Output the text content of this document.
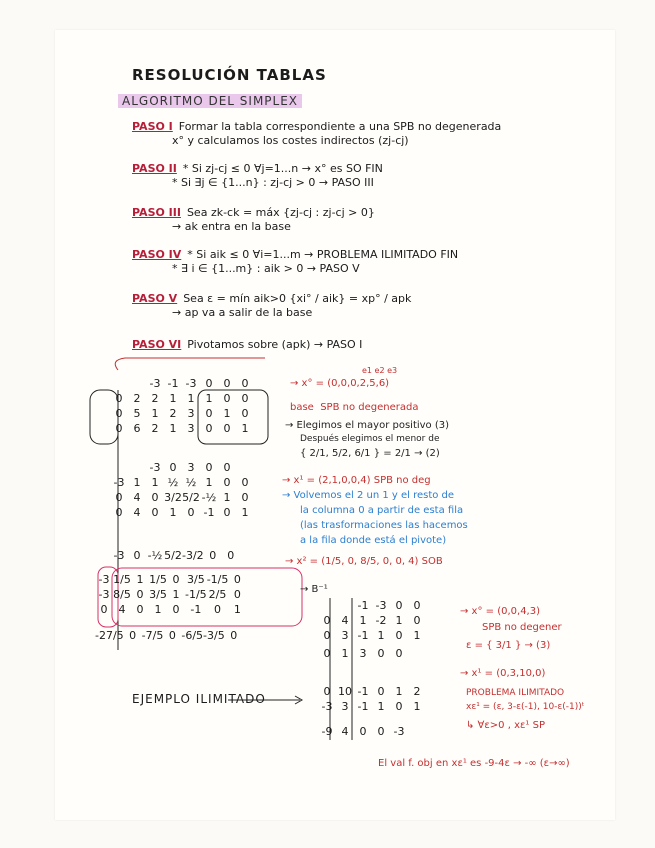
RESOLUCIÓN TABLAS
ALGORITMO DEL SIMPLEX
PASO I Formar la tabla correspondiente a una SPB no degenerada
x° y calculamos los costes indirectos (zj-cj)
PASO II * Si zj-cj ≤ 0 ∀j=1...n → x° es SO FIN
* Si ∃j ∈ {1...n} : zj-cj > 0 → PASO III
PASO III Sea zk-ck = máx {zj-cj : zj-cj > 0}
→ ak entra en la base
PASO IV * Si aik ≤ 0 ∀i=1...m → PROBLEMA ILIMITADO FIN
* ∃ i ∈ {1...m} : aik > 0 → PASO V
PASO V Sea ε = mín aik>0 {xi° / aik} = xp° / apk
→ ap va a salir de la base
PASO VI Pivotamos sobre (apk) → PASO I
		-3	-1	-3	0	0	0
0	2	2	1	1	1	0	0
0	5	1	2	3	0	1	0
0	6	2	1	3	0	0	1
→ x° = (0,0,0,2,5,6)
e1 e2 e3
base SPB no degenerada
→ Elegimos el mayor positivo (3)
Después elegimos el menor de
{ 2/1, 5/2, 6/1 } = 2/1 → (2)
		-3	0	3	0	0	
-3	1	1	½	½	1	0	0
0	4	0	3/2	5/2	-½	1	0
0	4	0	1	0	-1	0	1
→ x¹ = (2,1,0,0,4) SPB no deg
→ Volvemos el 2 un 1 y el resto de
la columna 0 a partir de esta fila
(las trasformaciones las hacemos
a la fila donde está el pivote)
-3	0	-½	5/2	-3/2	0	0	→ x² = (1/5, 0, 8/5, 0, 0, 4) SOB
-3	1/5	1	1/5	0	3/5	-1/5	0
-3	8/5	0	3/5	1	-1/5	2/5	0
0	4	0	1	0	-1	0	1
-27/5	0	-7/5	0	-6/5	-3/5	0
→ B⁻¹
		-1	-3	0	0
0	4	1	-2	1	0
0	3	-1	1	0	1
0	1	3	0	0
→ x° = (0,0,4,3)
SPB no degener
ε = { 3/1 } → (3)
→ x¹ = (0,3,10,0)
EJEMPLO ILIMITADO
0	10	-1	0	1	2
-3	3	-1	1	0	1
-9	4	0	0	-3
PROBLEMA ILIMITADO
xε¹ = (ε, 3-ε(-1), 10-ε(-1))ᵗ
↳ ∀ε>0 , xε¹ SP
El val f. obj en xε¹ es -9-4ε → -∞ (ε→∞)
